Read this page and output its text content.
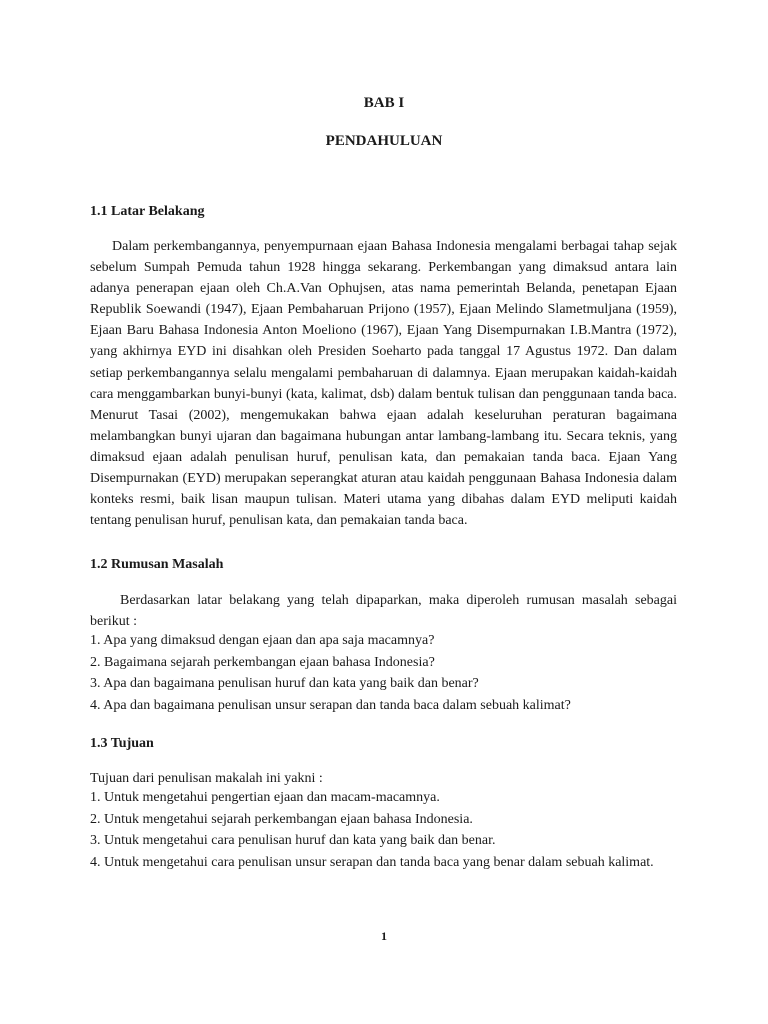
BAB I
PENDAHULUAN
1.1 Latar Belakang

Dalam perkembangannya, penyempurnaan ejaan Bahasa Indonesia mengalami berbagai tahap sejak sebelum Sumpah Pemuda tahun 1928 hingga sekarang. Perkembangan yang dimaksud antara lain adanya penerapan ejaan oleh Ch.A.Van Ophujsen, atas nama pemerintah Belanda, penetapan Ejaan Republik Soewandi (1947), Ejaan Pembaharuan Prijono (1957), Ejaan Melindo Slametmuljana (1959), Ejaan Baru Bahasa Indonesia Anton Moeliono (1967), Ejaan Yang Disempurnakan I.B.Mantra (1972), yang akhirnya EYD ini disahkan oleh Presiden Soeharto pada tanggal 17 Agustus 1972. Dan dalam setiap perkembangannya selalu mengalami pembaharuan di dalamnya. Ejaan merupakan kaidah-kaidah cara menggambarkan bunyi-bunyi (kata, kalimat, dsb) dalam bentuk tulisan dan penggunaan tanda baca. Menurut Tasai (2002), mengemukakan bahwa ejaan adalah keseluruhan peraturan bagaimana melambangkan bunyi ujaran dan bagaimana hubungan antar lambang-lambang itu. Secara teknis, yang dimaksud ejaan adalah penulisan huruf, penulisan kata, dan pemakaian tanda baca. Ejaan Yang Disempurnakan (EYD) merupakan seperangkat aturan atau kaidah penggunaan Bahasa Indonesia dalam konteks resmi, baik lisan maupun tulisan. Materi utama yang dibahas dalam EYD meliputi kaidah tentang penulisan huruf, penulisan kata, dan pemakaian tanda baca.

1.2 Rumusan Masalah

Berdasarkan latar belakang yang telah dipaparkan, maka diperoleh rumusan masalah sebagai berikut :

1. Apa yang dimaksud dengan ejaan dan apa saja macamnya?
2. Bagaimana sejarah perkembangan ejaan bahasa Indonesia?
3. Apa dan bagaimana penulisan huruf dan kata yang baik dan benar?
4. Apa dan bagaimana penulisan unsur serapan dan tanda baca dalam sebuah kalimat?
1.3 Tujuan

Tujuan dari penulisan makalah ini yakni :

1. Untuk mengetahui pengertian ejaan dan macam-macamnya.
2. Untuk mengetahui sejarah perkembangan ejaan bahasa Indonesia.
3. Untuk mengetahui cara penulisan huruf dan kata yang baik dan benar.
4. Untuk mengetahui cara penulisan unsur serapan dan tanda baca yang benar dalam sebuah kalimat.
1
